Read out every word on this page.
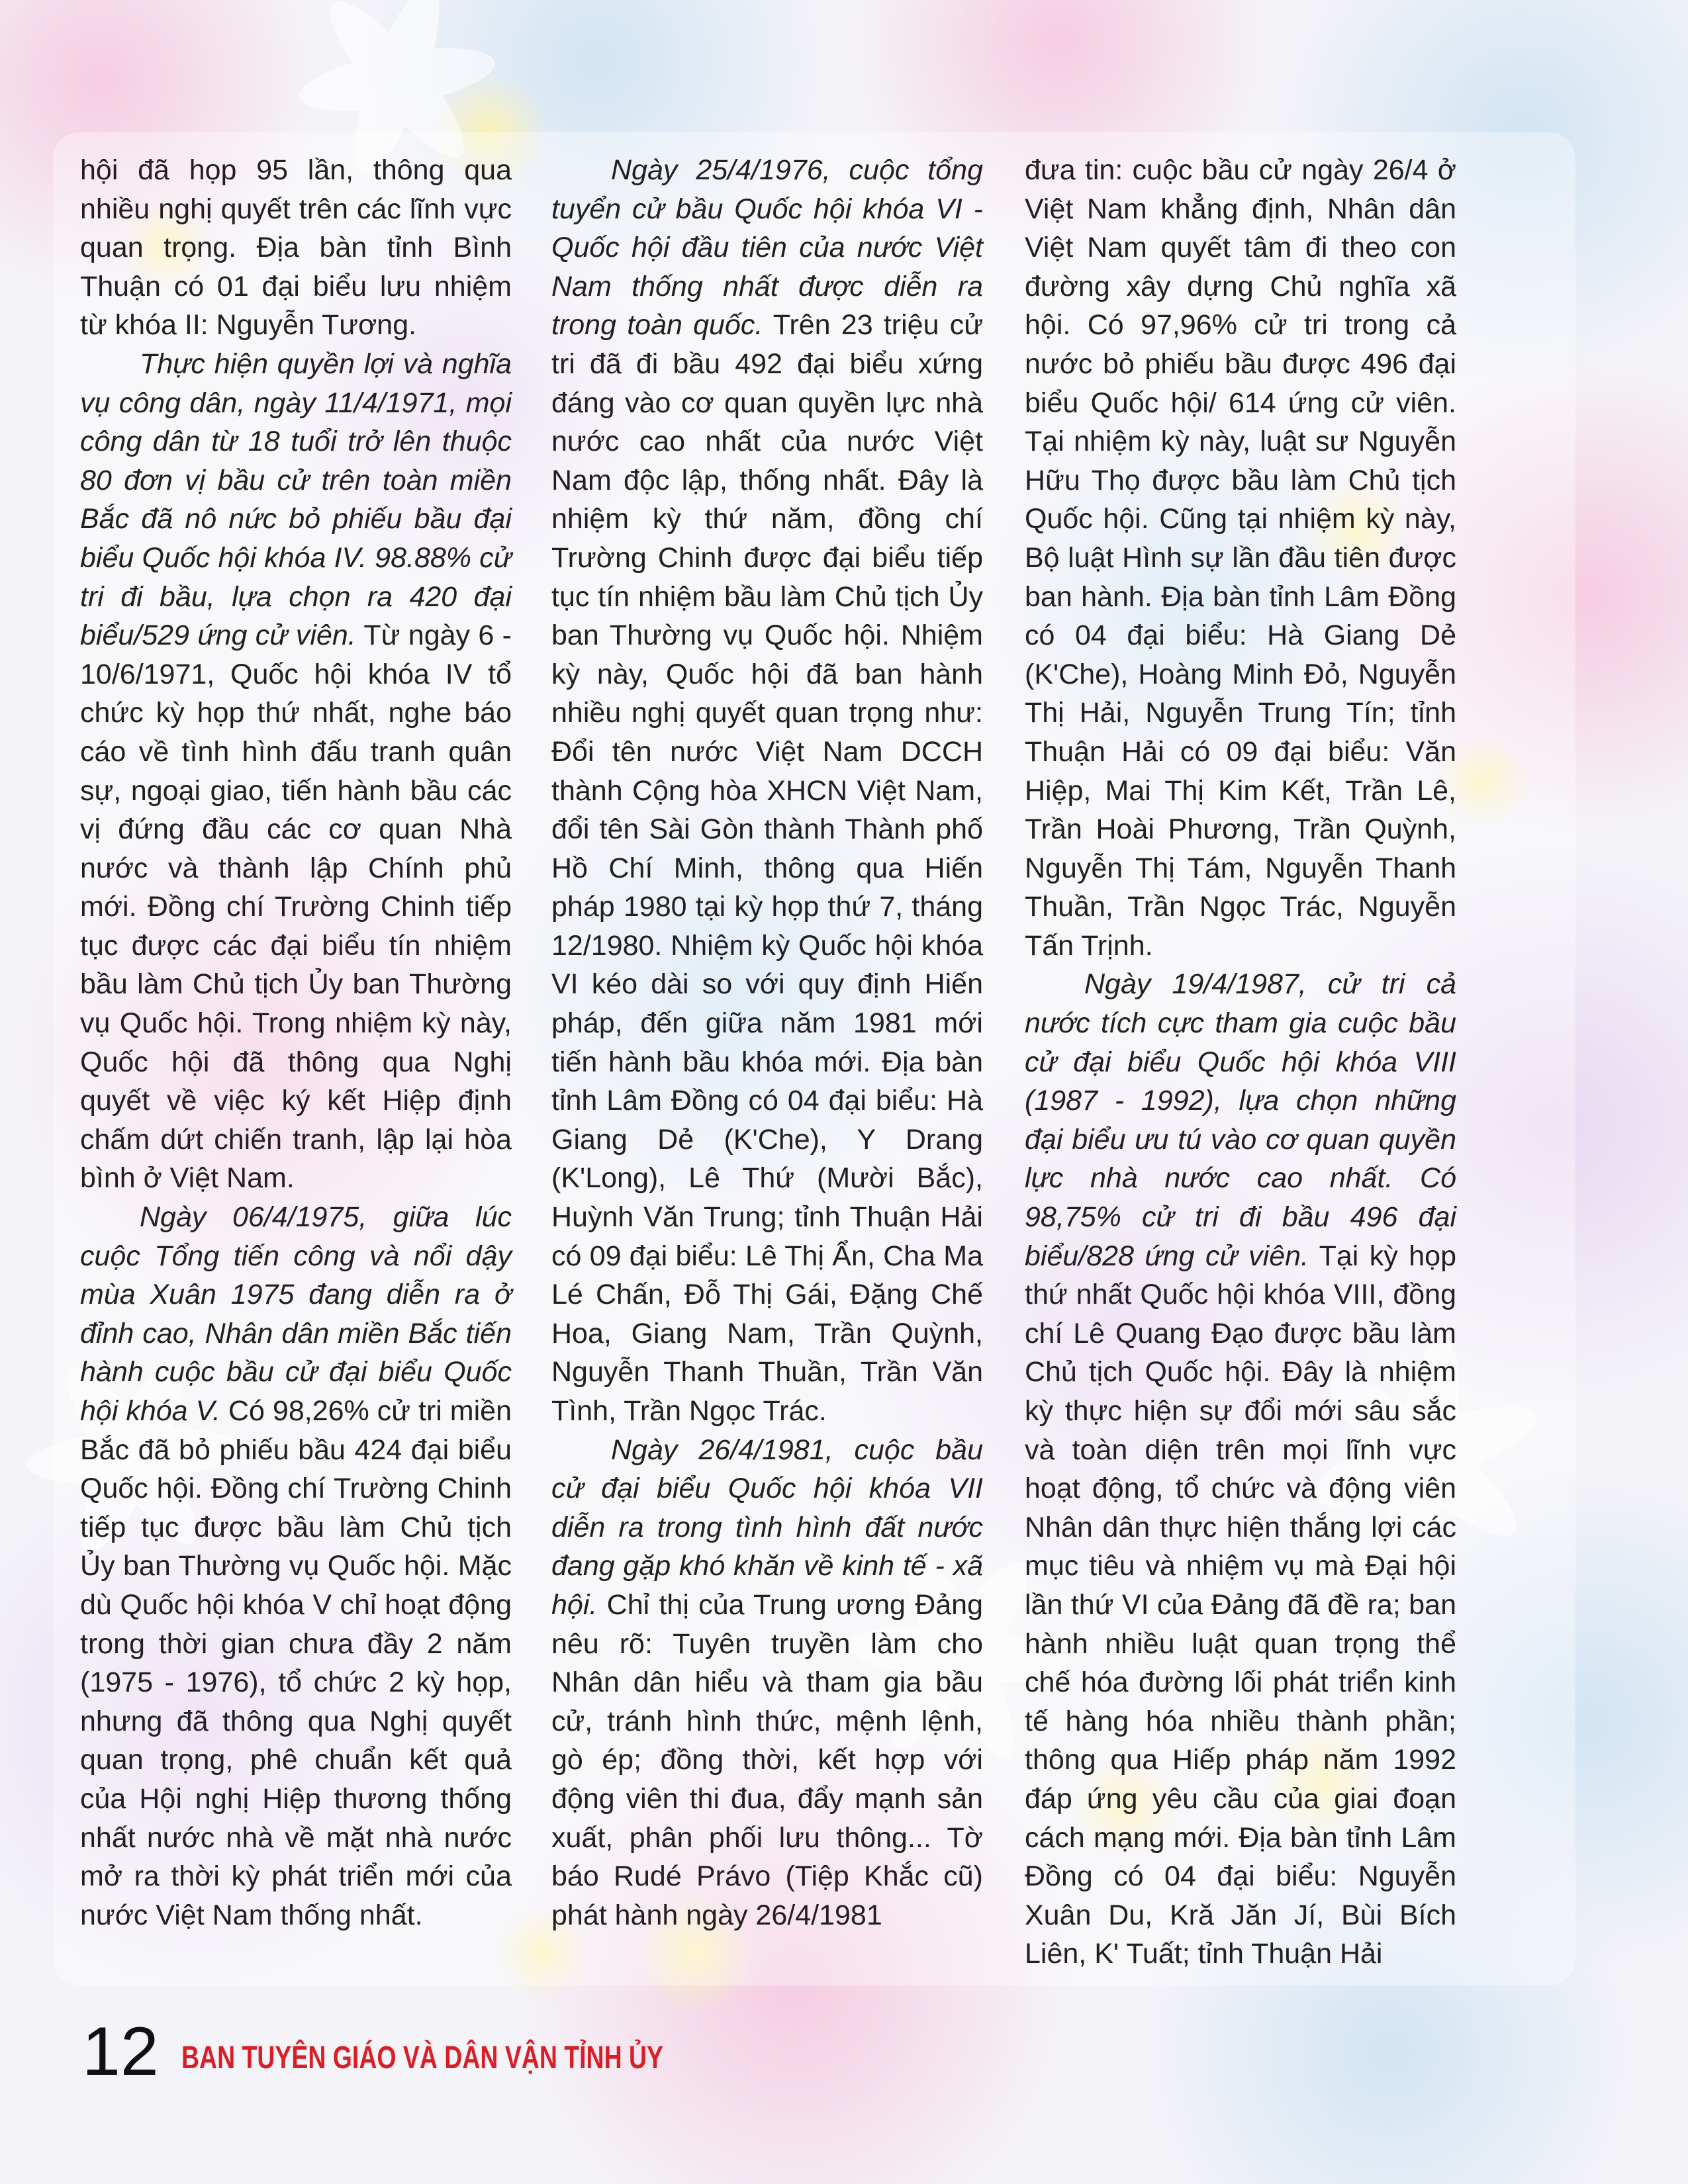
hội đã họp 95 lần, thông qua nhiều nghị quyết trên các lĩnh vực quan trọng. Địa bàn tỉnh Bình Thuận có 01 đại biểu lưu nhiệm từ khóa II: Nguyễn Tương.

Thực hiện quyền lợi và nghĩa vụ công dân, ngày 11/4/1971, mọi công dân từ 18 tuổi trở lên thuộc 80 đơn vị bầu cử trên toàn miền Bắc đã nô nức bỏ phiếu bầu đại biểu Quốc hội khóa IV. 98.88% cử tri đi bầu, lựa chọn ra 420 đại biểu/529 ứng cử viên. Từ ngày 6 - 10/6/1971, Quốc hội khóa IV tổ chức kỳ họp thứ nhất, nghe báo cáo về tình hình đấu tranh quân sự, ngoại giao, tiến hành bầu các vị đứng đầu các cơ quan Nhà nước và thành lập Chính phủ mới. Đồng chí Trường Chinh tiếp tục được các đại biểu tín nhiệm bầu làm Chủ tịch Ủy ban Thường vụ Quốc hội. Trong nhiệm kỳ này, Quốc hội đã thông qua Nghị quyết về việc ký kết Hiệp định chấm dứt chiến tranh, lập lại hòa bình ở Việt Nam.

Ngày 06/4/1975, giữa lúc cuộc Tổng tiến công và nổi dậy mùa Xuân 1975 đang diễn ra ở đỉnh cao, Nhân dân miền Bắc tiến hành cuộc bầu cử đại biểu Quốc hội khóa V. Có 98,26% cử tri miền Bắc đã bỏ phiếu bầu 424 đại biểu Quốc hội. Đồng chí Trường Chinh tiếp tục được bầu làm Chủ tịch Ủy ban Thường vụ Quốc hội. Mặc dù Quốc hội khóa V chỉ hoạt động trong thời gian chưa đầy 2 năm (1975 - 1976), tổ chức 2 kỳ họp, nhưng đã thông qua Nghị quyết quan trọng, phê chuẩn kết quả của Hội nghị Hiệp thương thống nhất nước nhà về mặt nhà nước mở ra thời kỳ phát triển mới của nước Việt Nam thống nhất.

Ngày 25/4/1976, cuộc tổng tuyển cử bầu Quốc hội khóa VI - Quốc hội đầu tiên của nước Việt Nam thống nhất được diễn ra trong toàn quốc. Trên 23 triệu cử tri đã đi bầu 492 đại biểu xứng đáng vào cơ quan quyền lực nhà nước cao nhất của nước Việt Nam độc lập, thống nhất. Đây là nhiệm kỳ thứ năm, đồng chí Trường Chinh được đại biểu tiếp tục tín nhiệm bầu làm Chủ tịch Ủy ban Thường vụ Quốc hội. Nhiệm kỳ này, Quốc hội đã ban hành nhiều nghị quyết quan trọng như: Đổi tên nước Việt Nam DCCH thành Cộng hòa XHCN Việt Nam, đổi tên Sài Gòn thành Thành phố Hồ Chí Minh, thông qua Hiến pháp 1980 tại kỳ họp thứ 7, tháng 12/1980. Nhiệm kỳ Quốc hội khóa VI kéo dài so với quy định Hiến pháp, đến giữa năm 1981 mới tiến hành bầu khóa mới. Địa bàn tỉnh Lâm Đồng có 04 đại biểu: Hà Giang Dẻ (K'Che), Y Drang (K'Long), Lê Thứ (Mười Bắc), Huỳnh Văn Trung; tỉnh Thuận Hải có 09 đại biểu: Lê Thị Ẩn, Cha Ma Lé Chấn, Đỗ Thị Gái, Đặng Chế Hoa, Giang Nam, Trần Quỳnh, Nguyễn Thanh Thuần, Trần Văn Tình, Trần Ngọc Trác.

Ngày 26/4/1981, cuộc bầu cử đại biểu Quốc hội khóa VII diễn ra trong tình hình đất nước đang gặp khó khăn về kinh tế - xã hội. Chỉ thị của Trung ương Đảng nêu rõ: Tuyên truyền làm cho Nhân dân hiểu và tham gia bầu cử, tránh hình thức, mệnh lệnh, gò ép; đồng thời, kết hợp với động viên thi đua, đẩy mạnh sản xuất, phân phối lưu thông... Tờ báo Rudé Právo (Tiệp Khắc cũ) phát hành ngày 26/4/1981

đưa tin: cuộc bầu cử ngày 26/4 ở Việt Nam khẳng định, Nhân dân Việt Nam quyết tâm đi theo con đường xây dựng Chủ nghĩa xã hội. Có 97,96% cử tri trong cả nước bỏ phiếu bầu được 496 đại biểu Quốc hội/ 614 ứng cử viên. Tại nhiệm kỳ này, luật sư Nguyễn Hữu Thọ được bầu làm Chủ tịch Quốc hội. Cũng tại nhiệm kỳ này, Bộ luật Hình sự lần đầu tiên được ban hành. Địa bàn tỉnh Lâm Đồng có 04 đại biểu: Hà Giang Dẻ (K'Che), Hoàng Minh Đỏ, Nguyễn Thị Hải, Nguyễn Trung Tín; tỉnh Thuận Hải có 09 đại biểu: Văn Hiệp, Mai Thị Kim Kết, Trần Lê, Trần Hoài Phương, Trần Quỳnh, Nguyễn Thị Tám, Nguyễn Thanh Thuần, Trần Ngọc Trác, Nguyễn Tấn Trịnh.

Ngày 19/4/1987, cử tri cả nước tích cực tham gia cuộc bầu cử đại biểu Quốc hội khóa VIII (1987 - 1992), lựa chọn những đại biểu ưu tú vào cơ quan quyền lực nhà nước cao nhất. Có 98,75% cử tri đi bầu 496 đại biểu/828 ứng cử viên. Tại kỳ họp thứ nhất Quốc hội khóa VIII, đồng chí Lê Quang Đạo được bầu làm Chủ tịch Quốc hội. Đây là nhiệm kỳ thực hiện sự đổi mới sâu sắc và toàn diện trên mọi lĩnh vực hoạt động, tổ chức và động viên Nhân dân thực hiện thắng lợi các mục tiêu và nhiệm vụ mà Đại hội lần thứ VI của Đảng đã đề ra; ban hành nhiều luật quan trọng thể chế hóa đường lối phát triển kinh tế hàng hóa nhiều thành phần; thông qua Hiếp pháp năm 1992 đáp ứng yêu cầu của giai đoạn cách mạng mới. Địa bàn tỉnh Lâm Đồng có 04 đại biểu: Nguyễn Xuân Du, Kră Jăn Jí, Bùi Bích Liên, K' Tuất; tỉnh Thuận Hải

12 BAN TUYÊN GIÁO VÀ DÂN VẬN TỈNH ỦY
